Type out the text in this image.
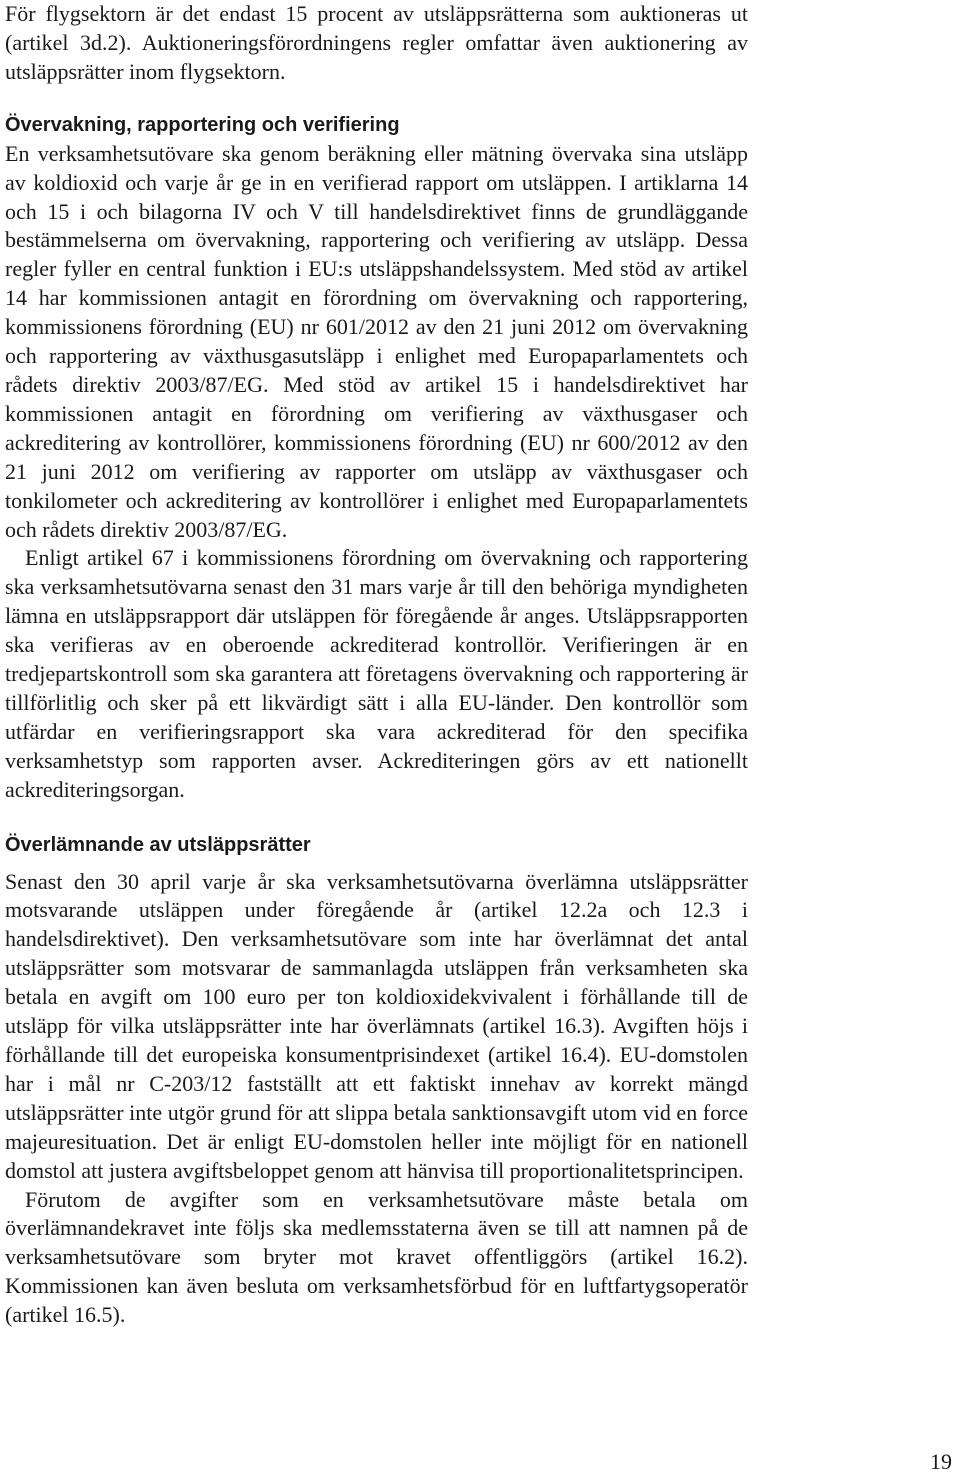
För flygsektorn är det endast 15 procent av utsläppsrätterna som auktioneras ut (artikel 3d.2). Auktioneringsförordningens regler omfattar även auktionering av utsläppsrätter inom flygsektorn.

Övervakning, rapportering och verifiering

En verksamhetsutövare ska genom beräkning eller mätning övervaka sina utsläpp av koldioxid och varje år ge in en verifierad rapport om utsläppen. I artiklarna 14 och 15 i och bilagorna IV och V till handelsdirektivet finns de grundläggande bestämmelserna om övervakning, rapportering och verifiering av utsläpp. Dessa regler fyller en central funktion i EU:s utsläppshandelssystem. Med stöd av artikel 14 har kommissionen antagit en förordning om övervakning och rapportering, kommissionens förordning (EU) nr 601/2012 av den 21 juni 2012 om övervakning och rapportering av växthusgasutsläpp i enlighet med Europaparlamentets och rådets direktiv 2003/87/EG. Med stöd av artikel 15 i handelsdirektivet har kommissionen antagit en förordning om verifiering av växthusgaser och ackreditering av kontrollörer, kommissionens förordning (EU) nr 600/2012 av den 21 juni 2012 om verifiering av rapporter om utsläpp av växthusgaser och tonkilometer och ackreditering av kontrollörer i enlighet med Europaparlamentets och rådets direktiv 2003/87/EG.

Enligt artikel 67 i kommissionens förordning om övervakning och rapportering ska verksamhetsutövarna senast den 31 mars varje år till den behöriga myndigheten lämna en utsläppsrapport där utsläppen för föregående år anges. Utsläppsrapporten ska verifieras av en oberoende ackrediterad kontrollör. Verifieringen är en tredjepartskontroll som ska garantera att företagens övervakning och rapportering är tillförlitlig och sker på ett likvärdigt sätt i alla EU-länder. Den kontrollör som utfärdar en verifieringsrapport ska vara ackrediterad för den specifika verksamhetstyp som rapporten avser. Ackrediteringen görs av ett nationellt ackrediteringsorgan.

Överlämnande av utsläppsrätter

Senast den 30 april varje år ska verksamhetsutövarna överlämna utsläppsrätter motsvarande utsläppen under föregående år (artikel 12.2a och 12.3 i handelsdirektivet). Den verksamhetsutövare som inte har överlämnat det antal utsläppsrätter som motsvarar de sammanlagda utsläppen från verksamheten ska betala en avgift om 100 euro per ton koldioxidekvivalent i förhållande till de utsläpp för vilka utsläppsrätter inte har överlämnats (artikel 16.3). Avgiften höjs i förhållande till det europeiska konsumentprisindexet (artikel 16.4). EU-domstolen har i mål nr C-203/12 fastställt att ett faktiskt innehav av korrekt mängd utsläppsrätter inte utgör grund för att slippa betala sanktionsavgift utom vid en force majeuresituation. Det är enligt EU-domstolen heller inte möjligt för en nationell domstol att justera avgiftsbeloppet genom att hänvisa till proportionalitetsprincipen.

Förutom de avgifter som en verksamhetsutövare måste betala om överlämnandekravet inte följs ska medlemsstaterna även se till att namnen på de verksamhetsutövare som bryter mot kravet offentliggörs (artikel 16.2). Kommissionen kan även besluta om verksamhetsförbud för en luftfartygsoperatör (artikel 16.5).

19
